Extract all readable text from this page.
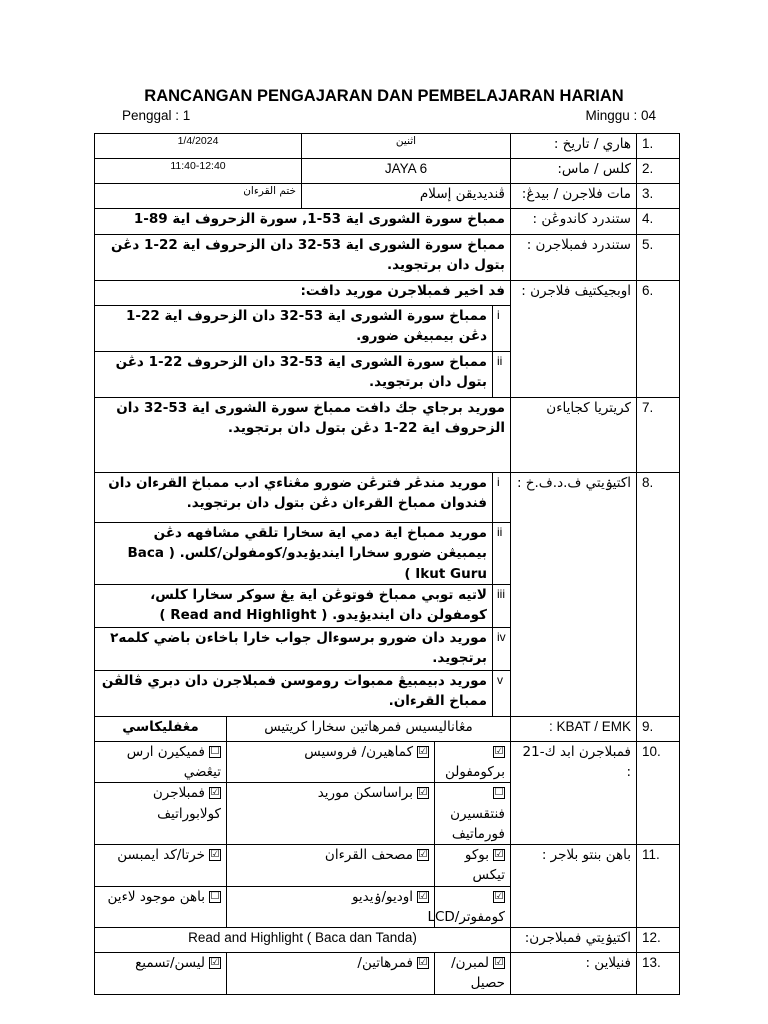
RANCANGAN PENGAJARAN DAN PEMBELAJARAN HARIAN
Penggal : 1	Minggu : 04
1/4/2024		اثنين			هاري / تاريخ :	1.
11:40-12:40		JAYA 6			كلس / ماس:	2.
ختم القرءان		ڤنديديقن إسلام			مات فلاجرن / بيدڠ:	3.
ممباخ سورة الشورى اية 53-1, سورة الزحروف اية 89-1					ستندرد كاندوڠن :	4.
ممباخ سورة الشورى اية 53-32 دان الزحروف اية 22-1 دڠن بتول دان برتجويد.					ستندرد فمبلاجرن :	5.
فد اخير فمبلاجرن موريد دافت:					اوبجيكتيف فلاجرن :	6.
ممباخ سورة الشورى اية 53-32 دان الزحروف اية 22-1 دڠن بيمبيڠن ضورو.				i		
ممباخ سورة الشورى اية 53-32 دان الزحروف 22-1 دڠن بتول دان برتجويد.				ii		
موريد برجاي جك دافت ممباخ سورة الشورى اية 53-32 دان الزحروف اية 22-1 دڠن بتول دان برتجويد.					كريتريا كجاياءن	7.
موريد مندڠر فترڠن ضورو مڠناءي ادب ممباخ القرءان دان فندوان ممباخ القرءان دڠن بتول دان برتجويد.				i	اكتيۏيتي ف.د.ف.خ :	8.
موريد ممباخ اية دمي اية سخارا تلقي مشافهه دڠن بيمبيڠن ضورو سخارا اينديۏيدو/كومفولن/كلس. ( Baca Ikut Guru )				ii		
لاتيه توبي ممباخ فوتوڠن اية يڠ سوكر سخارا كلس، كومفولن دان اينديۏيدو. ( Read and Highlight )				iii		
موريد دان ضورو برسوءال جواب خارا باخاءن باضي كلمه٢ برتجويد.				iv		
موريد دبيمبيڠ ممبوات روموسن فمبلاجرن دان دبري ڤالڤن ممباخ القرءان.				v		
مڠفليكاسي	مڠاناليسيس فمرهاتين سخارا كريتيس				KBAT / EMK :	9.
☐فميكيرن ارس تيڠضي	☑كماهيرن/ فروسيس		☑بركومفولن		فمبلاجرن ابد ك-21 :	10.
☑فمبلاجرن كولابوراتيف	☑براساسكن موريد		☐فنتقسيرن فورماتيف			
☑خرتا/كد ايمبسن	☑مصحف القرءان		☑بوكو تيكس		باهن بنتو بلاجر :	11.
☐باهن موجود لاءين	☑اوديو/ۏيديو		☑كومفوتر/LCD			
Read and Highlight ( Baca dan Tanda)					اكتيۏيتي فمبلاجرن:	12.
☑ليسن/تسميع	☑فمرهاتين/		☑لمبرن/حصيل		فنيلاين :	13.
